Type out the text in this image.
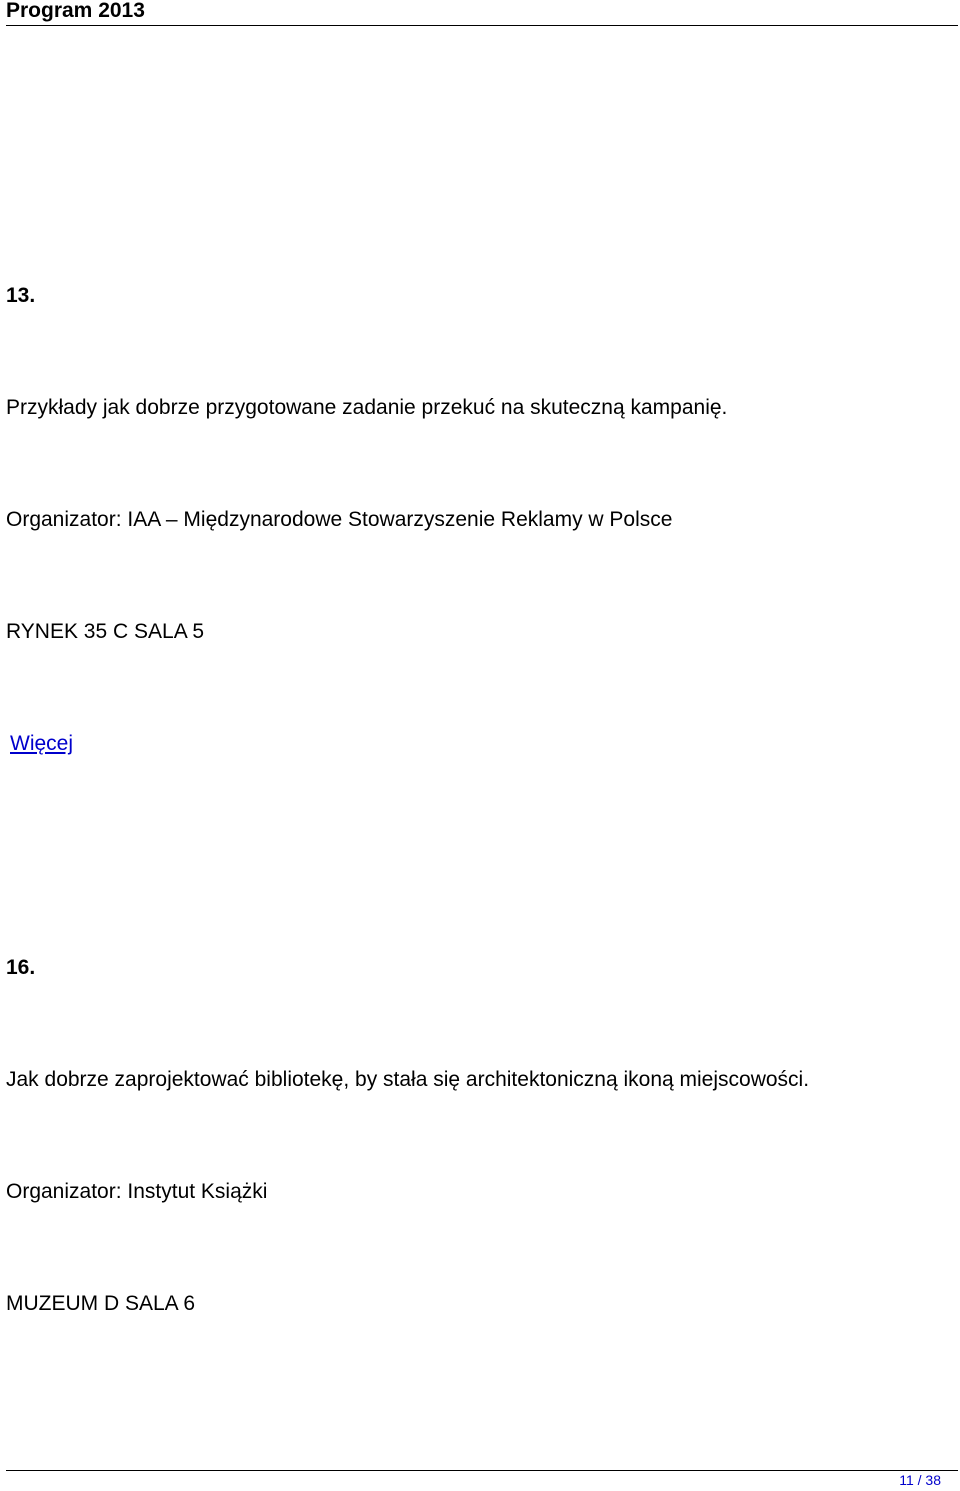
Program 2013
13.
Przykłady jak dobrze przygotowane zadanie przekuć na skuteczną kampanię.
Organizator: IAA – Międzynarodowe Stowarzyszenie Reklamy w Polsce
RYNEK 35 C SALA 5
Więcej
16.
Jak dobrze zaprojektować bibliotekę, by stała się architektoniczną ikoną miejscowości.
Organizator: Instytut Książki
MUZEUM D SALA 6
11 / 38
